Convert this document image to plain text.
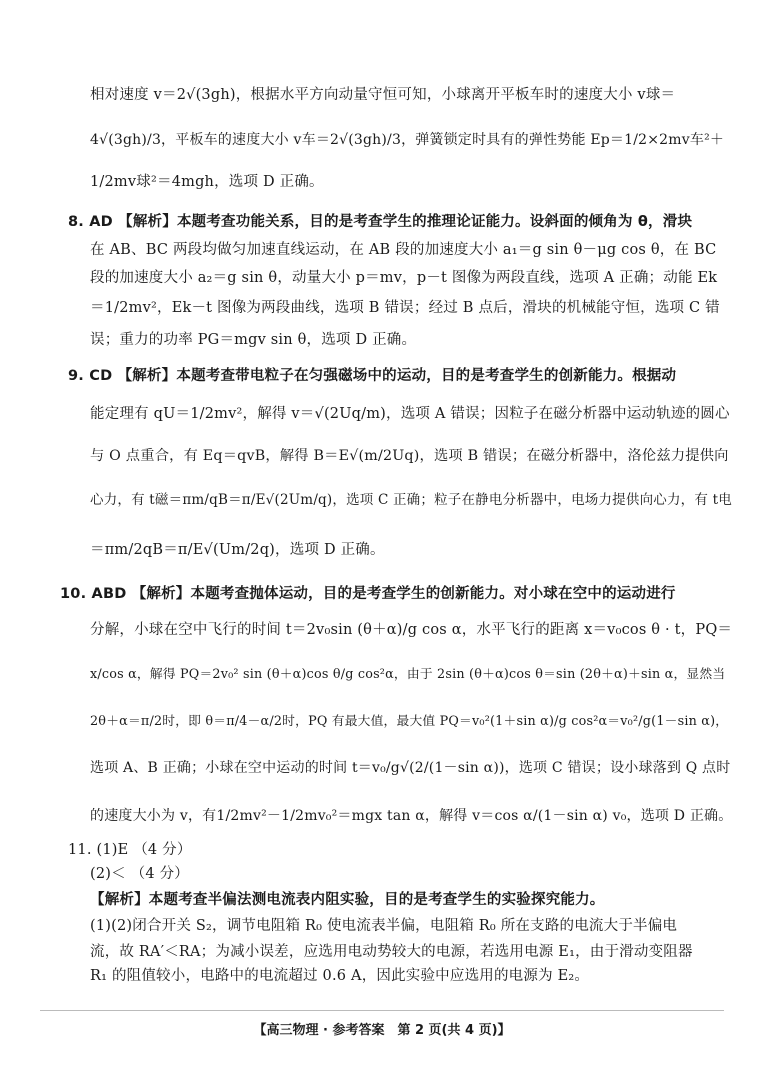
相对速度 v＝2√(3gh)，根据水平方向动量守恒可知，小球离开平板车时的速度大小 v球＝
4√(3gh)/3，平板车的速度大小 v车＝2√(3gh)/3，弹簧锁定时具有的弹性势能 Ep＝1/2×2mv车²＋
1/2mv球²＝4mgh，选项 D 正确。
8. AD 【解析】本题考查功能关系，目的是考查学生的推理论证能力。设斜面的倾角为 θ，滑块
在 AB、BC 两段均做匀加速直线运动，在 AB 段的加速度大小 a₁＝g sin θ－μg cos θ，在 BC
段的加速度大小 a₂＝g sin θ，动量大小 p＝mv，p－t 图像为两段直线，选项 A 正确；动能 Ek
＝1/2mv²，Ek－t 图像为两段曲线，选项 B 错误；经过 B 点后，滑块的机械能守恒，选项 C 错
误；重力的功率 PG＝mgv sin θ，选项 D 正确。
9. CD 【解析】本题考查带电粒子在匀强磁场中的运动，目的是考查学生的创新能力。根据动
能定理有 qU＝1/2mv²，解得 v＝√(2Uq/m)，选项 A 错误；因粒子在磁分析器中运动轨迹的圆心
与 O 点重合，有 Eq＝qvB，解得 B＝E√(m/2Uq)，选项 B 错误；在磁分析器中，洛伦兹力提供向
心力，有 t磁＝πm/qB＝π/E√(2Um/q)，选项 C 正确；粒子在静电分析器中，电场力提供向心力，有 t电
＝πm/2qB＝π/E√(Um/2q)，选项 D 正确。
10. ABD 【解析】本题考查抛体运动，目的是考查学生的创新能力。对小球在空中的运动进行
分解，小球在空中飞行的时间 t＝2v₀sin (θ＋α)/g cos α，水平飞行的距离 x＝v₀cos θ · t，PQ＝
x/cos α，解得 PQ＝2v₀² sin (θ＋α)cos θ/g cos²α，由于 2sin (θ＋α)cos θ＝sin (2θ＋α)＋sin α，显然当
2θ＋α＝π/2时，即 θ＝π/4－α/2时，PQ 有最大值，最大值 PQ＝v₀²(1＋sin α)/g cos²α＝v₀²/g(1－sin α)，
选项 A、B 正确；小球在空中运动的时间 t＝v₀/g√(2/(1－sin α))，选项 C 错误；设小球落到 Q 点时
的速度大小为 v，有1/2mv²－1/2mv₀²＝mgx tan α，解得 v＝cos α/(1－sin α) v₀，选项 D 正确。
11. (1)E （4 分）
(2)＜ （4 分）
【解析】本题考查半偏法测电流表内阻实验，目的是考查学生的实验探究能力。
(1)(2)闭合开关 S₂，调节电阻箱 R₀ 使电流表半偏，电阻箱 R₀ 所在支路的电流大于半偏电
流，故 RA′＜RA；为减小误差，应选用电动势较大的电源，若选用电源 E₁，由于滑动变阻器
R₁ 的阻值较小，电路中的电流超过 0.6 A，因此实验中应选用的电源为 E₂。
【高三物理 · 参考答案　第 2 页(共 4 页)】
